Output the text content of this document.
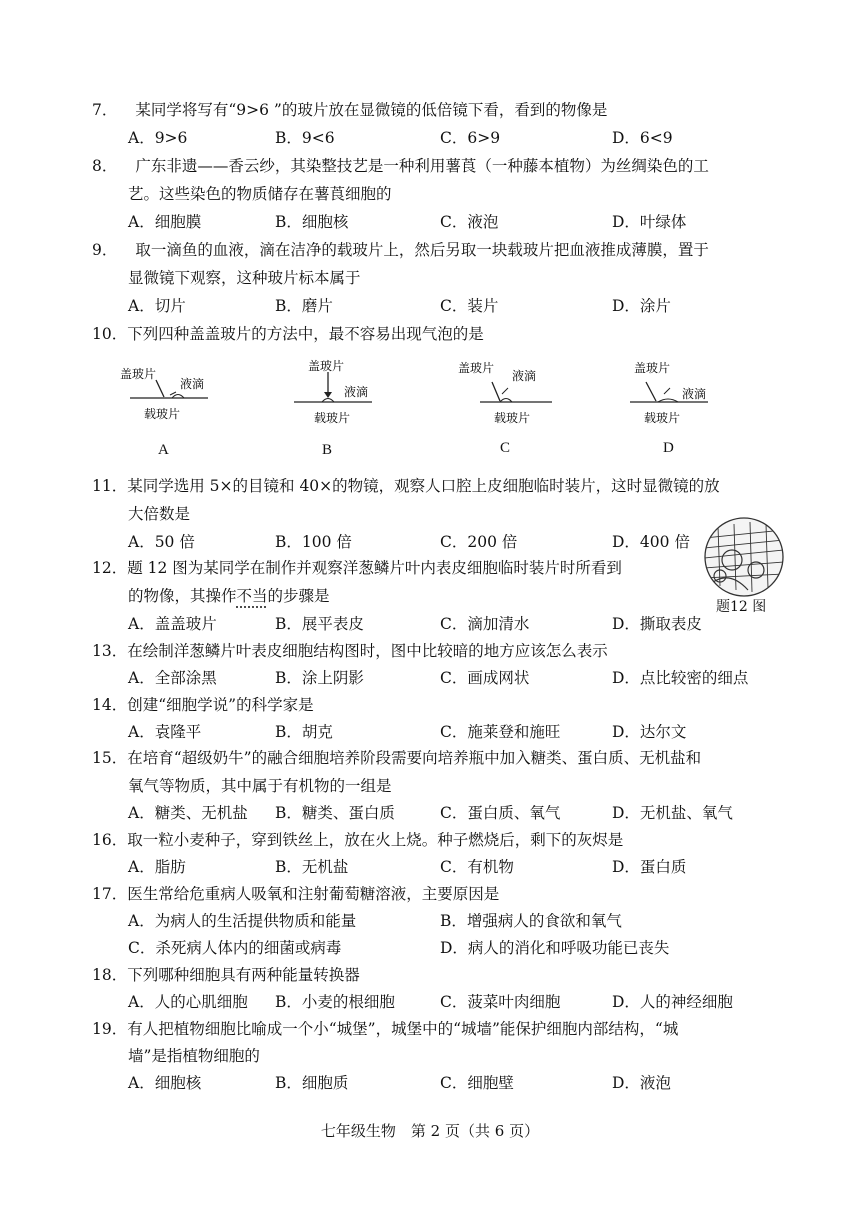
7． 某同学将写有“9>6 ”的玻片放在显微镜的低倍镜下看，看到的物像是
A．9>6	B．9<6	C．6>9	D．6<9
8． 广东非遗——香云纱，其染整技艺是一种利用薯莨（一种藤本植物）为丝绸染色的工
艺。这些染色的物质储存在薯莨细胞的
A．细胞膜	B．细胞核	C．液泡	D．叶绿体
9． 取一滴鱼的血液，滴在洁净的载玻片上，然后另取一块载玻片把血液推成薄膜，置于
显微镜下观察，这种玻片标本属于
A．切片	B．磨片	C．装片	D．涂片
10．下列四种盖盖玻片的方法中，最不容易出现气泡的是
盖玻片
液滴
载玻片
盖玻片
液滴
载玻片
盖玻片
液滴
载玻片
盖玻片
液滴
载玻片
A	B	C	D
11．某同学选用 5×的目镜和 40×的物镜，观察人口腔上皮细胞临时装片，这时显微镜的放
大倍数是
A．50 倍	B．100 倍	C．200 倍	D．400 倍
题12 图
12．题 12 图为某同学在制作并观察洋葱鳞片叶内表皮细胞临时装片时所看到
的物像，其操作不当的步骤是
A．盖盖玻片	B．展平表皮	C．滴加清水	D．撕取表皮
13．在绘制洋葱鳞片叶表皮细胞结构图时，图中比较暗的地方应该怎么表示
A．全部涂黑	B．涂上阴影	C．画成网状	D．点比较密的细点
14．创建“细胞学说”的科学家是
A．袁隆平	B．胡克	C．施莱登和施旺	D．达尔文
15．在培育“超级奶牛”的融合细胞培养阶段需要向培养瓶中加入糖类、蛋白质、无机盐和
氧气等物质，其中属于有机物的一组是
A．糖类、无机盐 B．糖类、蛋白质	C．蛋白质、氧气	D．无机盐、氧气
16．取一粒小麦种子，穿到铁丝上，放在火上烧。种子燃烧后，剩下的灰烬是
A．脂肪	B．无机盐	C．有机物	D．蛋白质
17．医生常给危重病人吸氧和注射葡萄糖溶液，主要原因是
A．为病人的生活提供物质和能量	B．增强病人的食欲和氧气
C．杀死病人体内的细菌或病毒	D．病人的消化和呼吸功能已丧失
18．下列哪种细胞具有两种能量转换器
A．人的心肌细胞 B．小麦的根细胞	C．菠菜叶肉细胞	D．人的神经细胞
19．有人把植物细胞比喻成一个小“城堡”，城堡中的“城墙”能保护细胞内部结构，“城
墙”是指植物细胞的
A．细胞核	B．细胞质	C．细胞壁	D．液泡
七年级生物　第 2 页（共 6 页）
